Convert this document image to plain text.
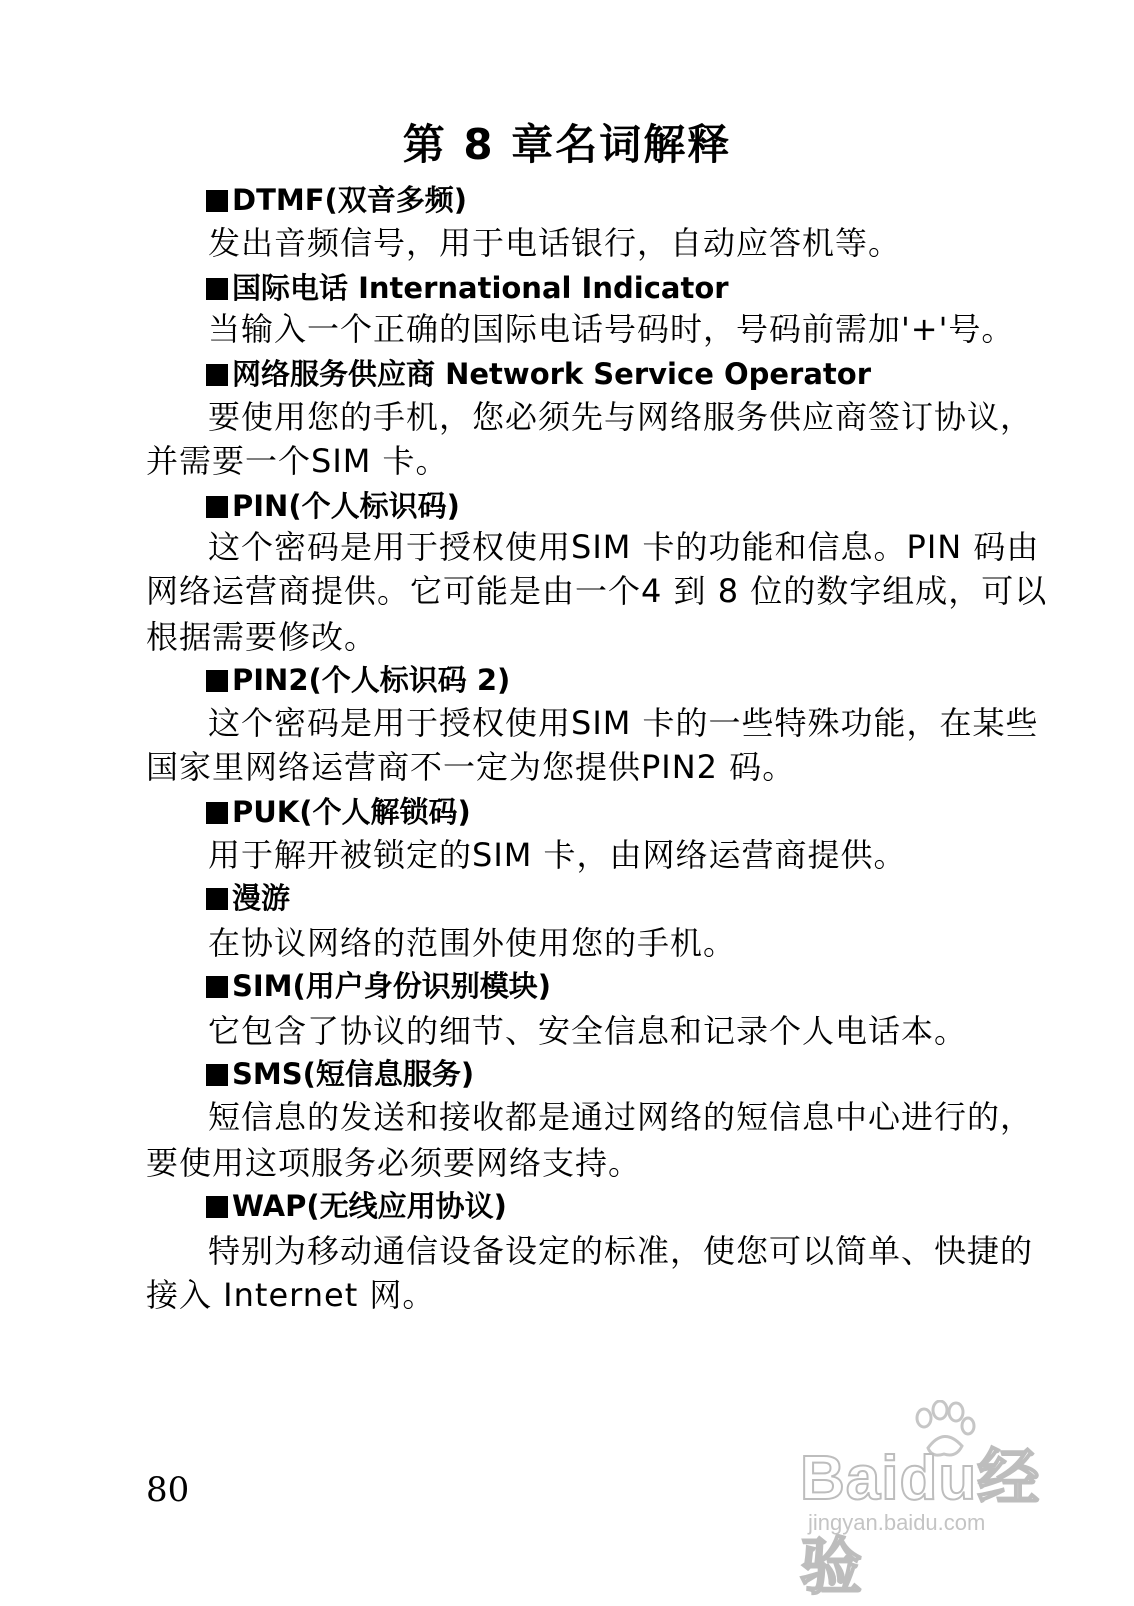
第 8 章名词解释
DTMF(双音多频)
发出音频信号，用于电话银行，自动应答机等。
国际电话 International Indicator
当输入一个正确的国际电话号码时，号码前需加'+'号。
网络服务供应商 Network Service Operator
要使用您的手机，您必须先与网络服务供应商签订协议，
并需要一个SIM 卡。
PIN(个人标识码)
这个密码是用于授权使用SIM 卡的功能和信息。PIN 码由
网络运营商提供。它可能是由一个4 到 8 位的数字组成，可以
根据需要修改。
PIN2(个人标识码 2)
这个密码是用于授权使用SIM 卡的一些特殊功能，在某些
国家里网络运营商不一定为您提供PIN2 码。
PUK(个人解锁码)
用于解开被锁定的SIM 卡，由网络运营商提供。
漫游
在协议网络的范围外使用您的手机。
SIM(用户身份识别模块)
它包含了协议的细节、安全信息和记录个人电话本。
SMS(短信息服务)
短信息的发送和接收都是通过网络的短信息中心进行的，
要使用这项服务必须要网络支持。
WAP(无线应用协议)
特别为移动通信设备设定的标准，使您可以简单、快捷的
接入 Internet 网。
80	Baidu经验
jingyan.baidu.com
